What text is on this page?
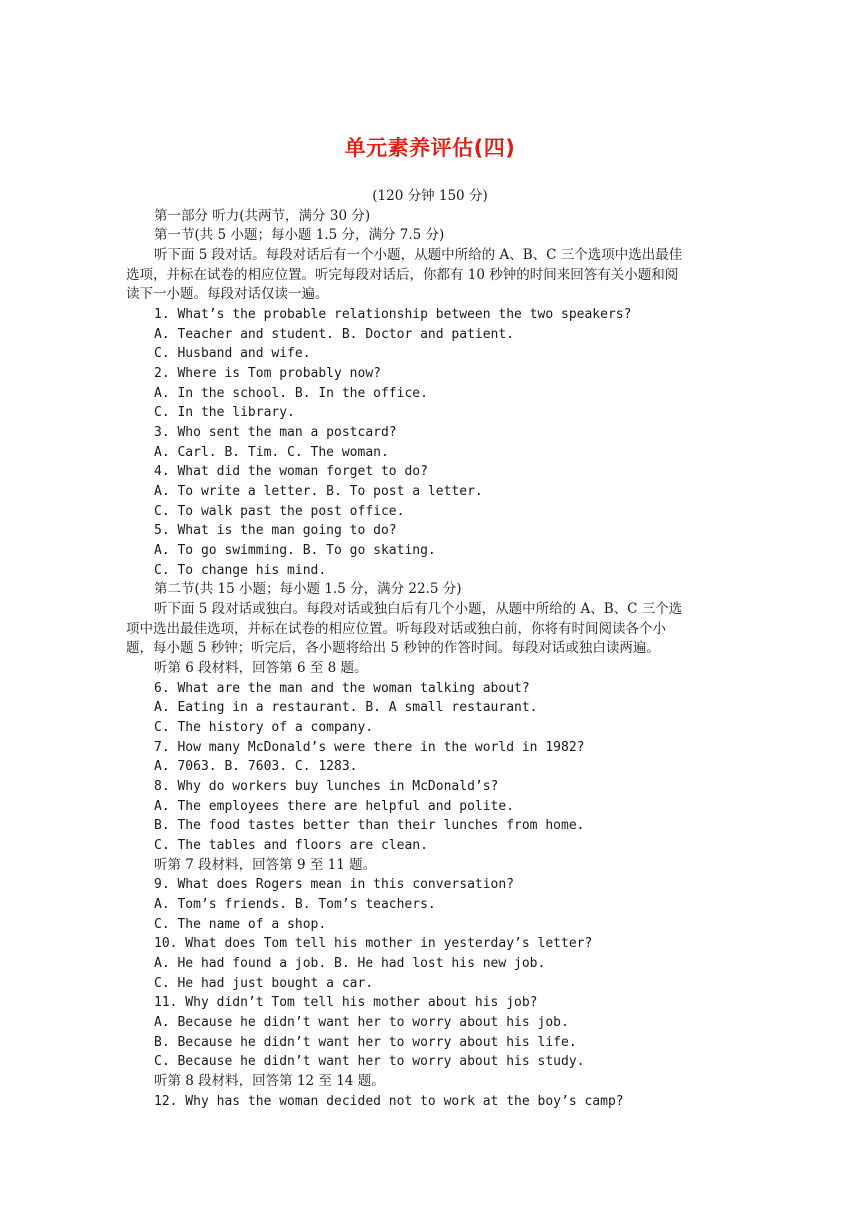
单元素养评估(四)
(120 分钟 150 分)
第一部分 听力(共两节，满分 30 分)
第一节(共 5 小题；每小题 1.5 分，满分 7.5 分)
听下面 5 段对话。每段对话后有一个小题，从题中所给的 A、B、C 三个选项中选出最佳
选项，并标在试卷的相应位置。听完每段对话后，你都有 10 秒钟的时间来回答有关小题和阅
读下一小题。每段对话仅读一遍。
1. What’s the probable relationship between the two speakers?
A. Teacher and student. B. Doctor and patient.
C. Husband and wife.
2. Where is Tom probably now?
A. In the school. B. In the office.
C. In the library.
3. Who sent the man a postcard?
A. Carl. B. Tim. C. The woman.
4. What did the woman forget to do?
A. To write a letter. B. To post a letter.
C. To walk past the post office.
5. What is the man going to do?
A. To go swimming. B. To go skating.
C. To change his mind.
第二节(共 15 小题；每小题 1.5 分，满分 22.5 分)
听下面 5 段对话或独白。每段对话或独白后有几个小题，从题中所给的 A、B、C 三个选
项中选出最佳选项，并标在试卷的相应位置。听每段对话或独白前，你将有时间阅读各个小
题，每小题 5 秒钟；听完后，各小题将给出 5 秒钟的作答时间。每段对话或独白读两遍。
听第 6 段材料，回答第 6 至 8 题。
6. What are the man and the woman talking about?
A. Eating in a restaurant. B. A small restaurant.
C. The history of a company.
7. How many McDonald’s were there in the world in 1982?
A. 7063. B. 7603. C. 1283.
8. Why do workers buy lunches in McDonald’s?
A. The employees there are helpful and polite.
B. The food tastes better than their lunches from home.
C. The tables and floors are clean.
听第 7 段材料，回答第 9 至 11 题。
9. What does Rogers mean in this conversation?
A. Tom’s friends. B. Tom’s teachers.
C. The name of a shop.
10. What does Tom tell his mother in yesterday’s letter?
A. He had found a job. B. He had lost his new job.
C. He had just bought a car.
11. Why didn’t Tom tell his mother about his job?
A. Because he didn’t want her to worry about his job.
B. Because he didn’t want her to worry about his life.
C. Because he didn’t want her to worry about his study.
听第 8 段材料，回答第 12 至 14 题。
12. Why has the woman decided not to work at the boy’s camp?
